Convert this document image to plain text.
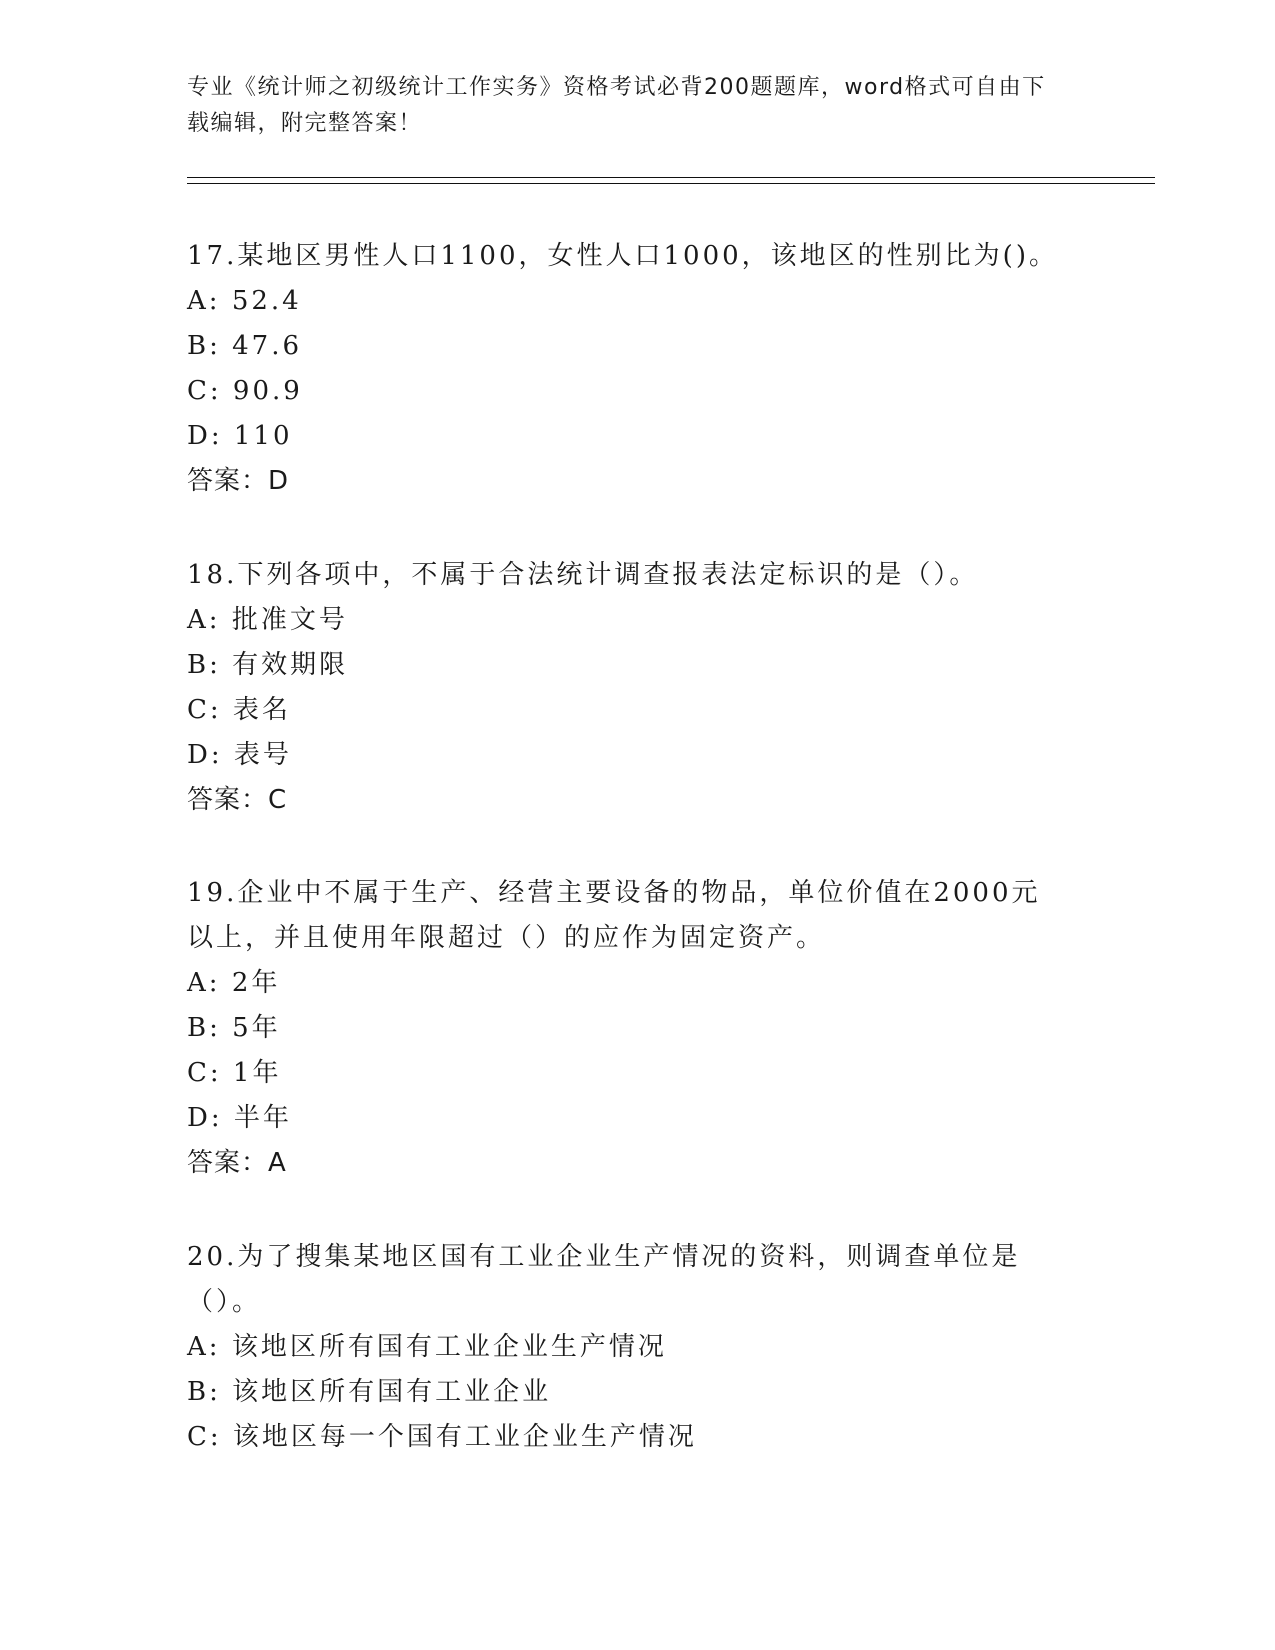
专业《统计师之初级统计工作实务》资格考试必背200题题库，word格式可自由下载编辑，附完整答案！

17.某地区男性人口1100，女性人口1000，该地区的性别比为()。

A: 52.4
B: 47.6
C: 90.9
D: 110
答案：D

18.下列各项中，不属于合法统计调查报表法定标识的是（）。

A: 批准文号
B: 有效期限
C: 表名
D: 表号
答案：C

19.企业中不属于生产、经营主要设备的物品，单位价值在2000元以上，并且使用年限超过（）的应作为固定资产。

A: 2年
B: 5年
C: 1年
D: 半年
答案：A

20.为了搜集某地区国有工业企业生产情况的资料，则调查单位是（）。

A: 该地区所有国有工业企业生产情况
B: 该地区所有国有工业企业
C: 该地区每一个国有工业企业生产情况
